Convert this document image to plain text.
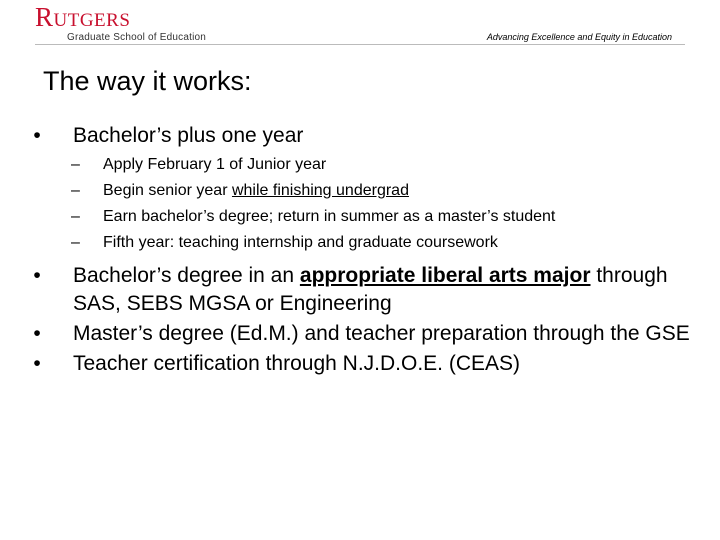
Rutgers
Graduate School of Education	Advancing Excellence and Equity in Education
The way it works:
•	Bachelor’s plus one year
–	Apply February 1 of Junior year
–	Begin senior year while finishing undergrad
–	Earn bachelor’s degree; return in summer as a master’s student
–	Fifth year: teaching internship and graduate coursework
•	Bachelor’s degree in an appropriate liberal arts major through SAS, SEBS MGSA or Engineering
•	Master’s degree (Ed.M.) and teacher preparation through the GSE
•	Teacher certification through N.J.D.O.E. (CEAS)
